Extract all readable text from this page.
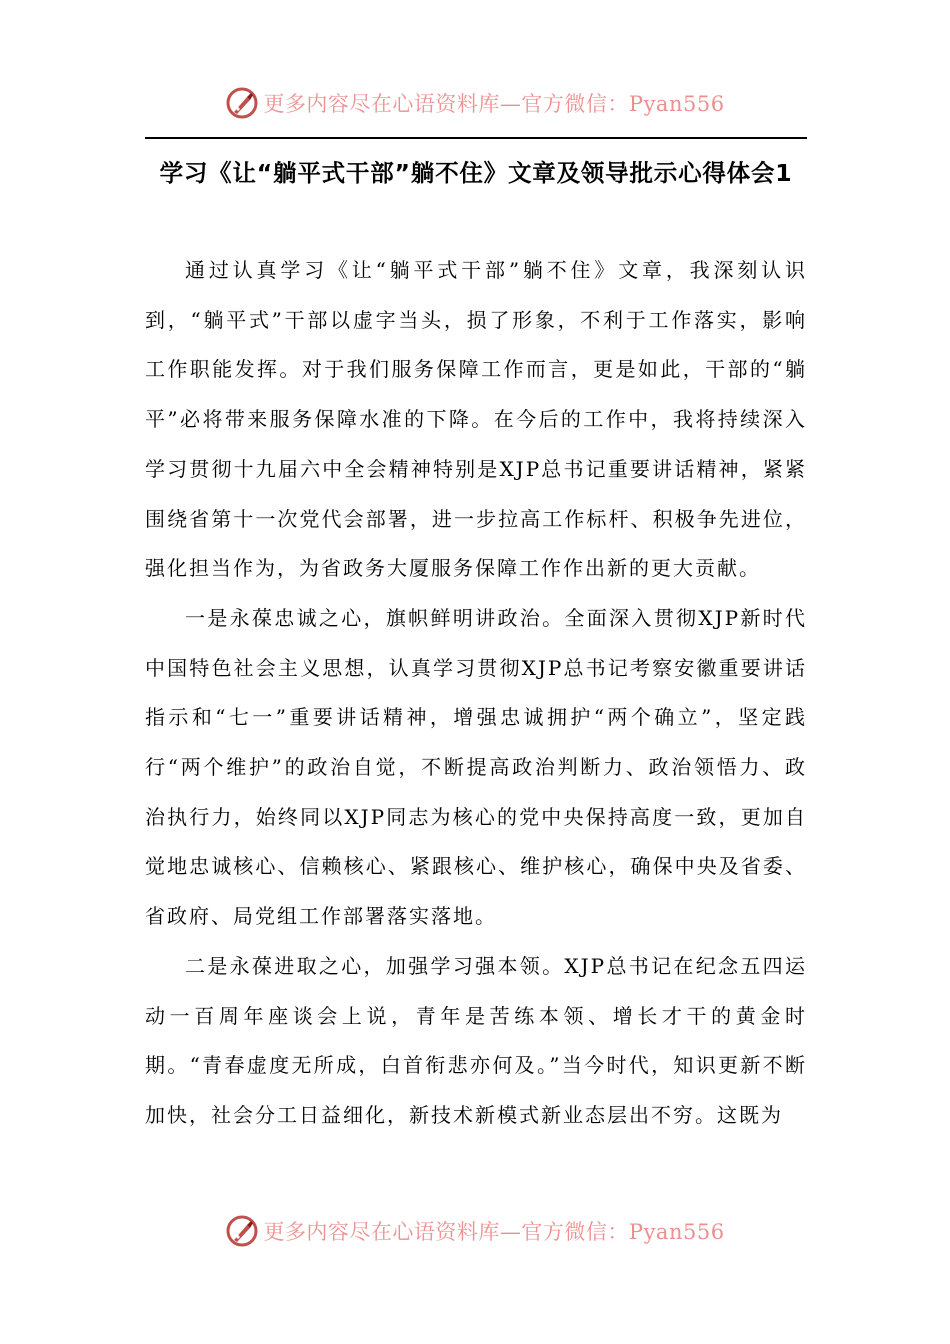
更多内容尽在心语资料库—官方微信：Pyan556
学习《让“躺平式干部”躺不住》文章及领导批示心得体会1

通过认真学习《让“躺平式干部”躺不住》文章，我深刻认识到，“躺平式”干部以虚字当头，损了形象，不利于工作落实，影响工作职能发挥。对于我们服务保障工作而言，更是如此，干部的“躺平”必将带来服务保障水准的下降。在今后的工作中，我将持续深入学习贯彻十九届六中全会精神特别是XJP总书记重要讲话精神，紧紧围绕省第十一次党代会部署，进一步拉高工作标杆、积极争先进位，强化担当作为，为省政务大厦服务保障工作作出新的更大贡献。

一是永葆忠诚之心，旗帜鲜明讲政治。全面深入贯彻XJP新时代中国特色社会主义思想，认真学习贯彻XJP总书记考察安徽重要讲话指示和“七一”重要讲话精神，增强忠诚拥护“两个确立”，坚定践行“两个维护”的政治自觉，不断提高政治判断力、政治领悟力、政治执行力，始终同以XJP同志为核心的党中央保持高度一致，更加自觉地忠诚核心、信赖核心、紧跟核心、维护核心，确保中央及省委、省政府、局党组工作部署落实落地。

二是永葆进取之心，加强学习强本领。XJP总书记在纪念五四运动一百周年座谈会上说，青年是苦练本领、增长才干的黄金时期。“青春虚度无所成，白首衔悲亦何及。”当今时代，知识更新不断加快，社会分工日益细化，新技术新模式新业态层出不穷。这既为

更多内容尽在心语资料库—官方微信：Pyan556
